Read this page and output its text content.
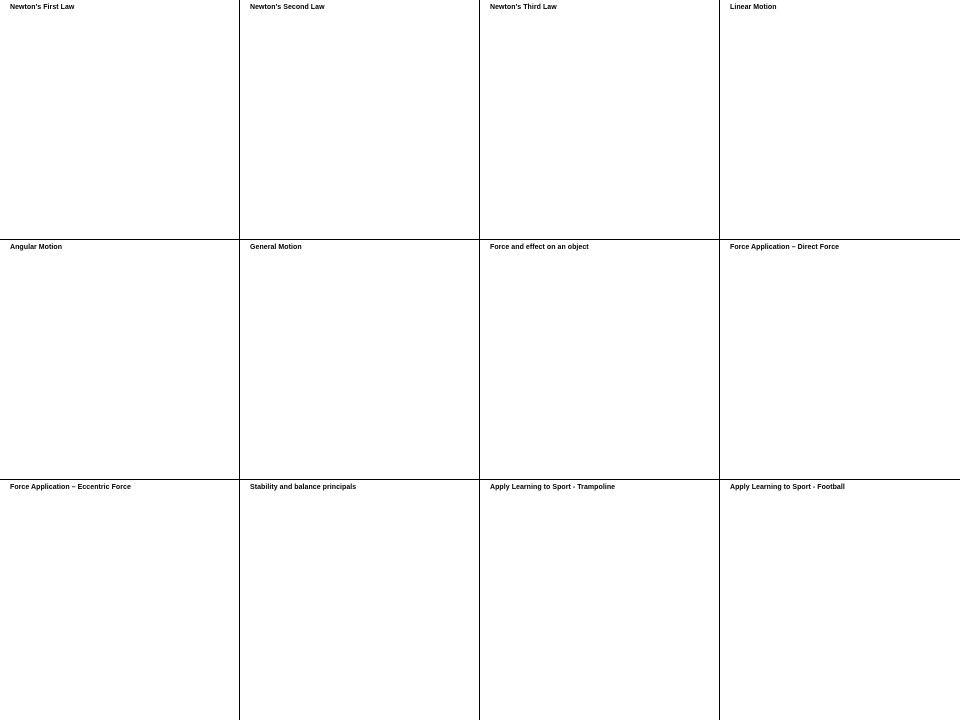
Newton's First Law	Newton's Second Law	Newton's Third Law	Linear Motion
Angular Motion	General Motion	Force and effect on an object	Force Application – Direct Force
Force Application – Eccentric Force	Stability and balance principals	Apply Learning to Sport - Trampoline	Apply Learning to Sport - Football
